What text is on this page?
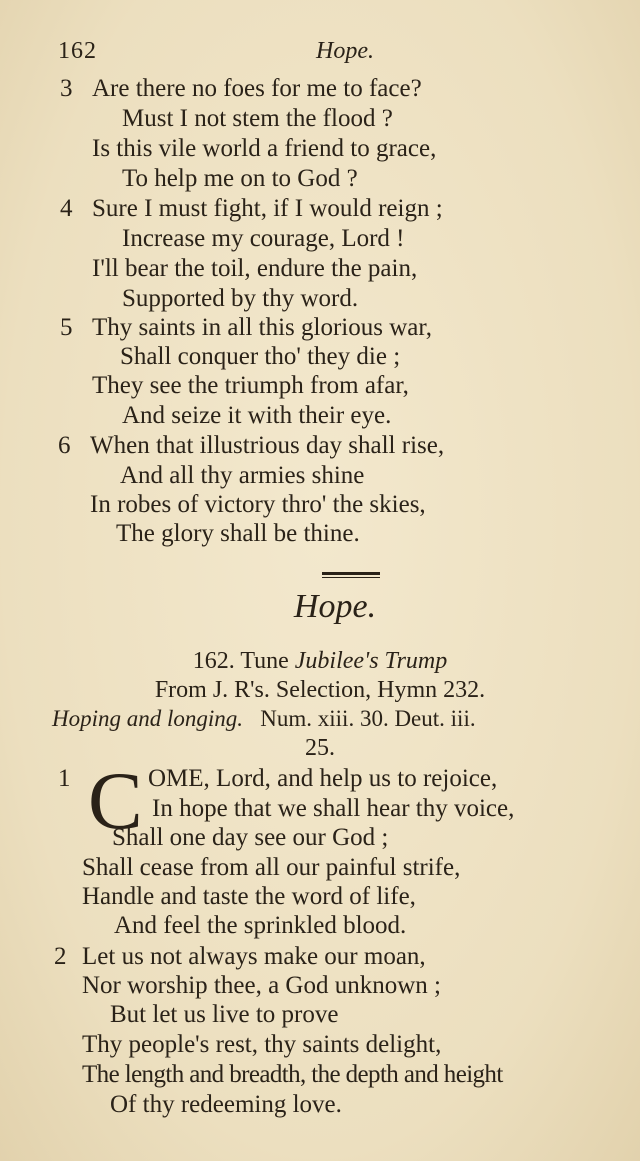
162	Hope.
3 Are there no foes for me to face?
Must I not stem the flood ?
Is this vile world a friend to grace,
To help me on to God ?
4 Sure I must fight, if I would reign ;
Increase my courage, Lord !
I'll bear the toil, endure the pain,
Supported by thy word.
5 Thy saints in all this glorious war,
Shall conquer tho' they die ;
They see the triumph from afar,
And seize it with their eye.
6 When that illustrious day shall rise,
And all thy armies shine
In robes of victory thro' the skies,
The glory shall be thine.
Hope.
162. Tune Jubilee's Trump
From J. R's. Selection, Hymn 232.
Hoping and longing. Num. xiii. 30. Deut. iii.
25.
1 C OME, Lord, and help us to rejoice,
In hope that we shall hear thy voice,
Shall one day see our God ;
Shall cease from all our painful strife,
Handle and taste the word of life,
And feel the sprinkled blood.
2 Let us not always make our moan,
Nor worship thee, a God unknown ;
But let us live to prove
Thy people's rest, thy saints delight,
The length and breadth, the depth and height
Of thy redeeming love.
